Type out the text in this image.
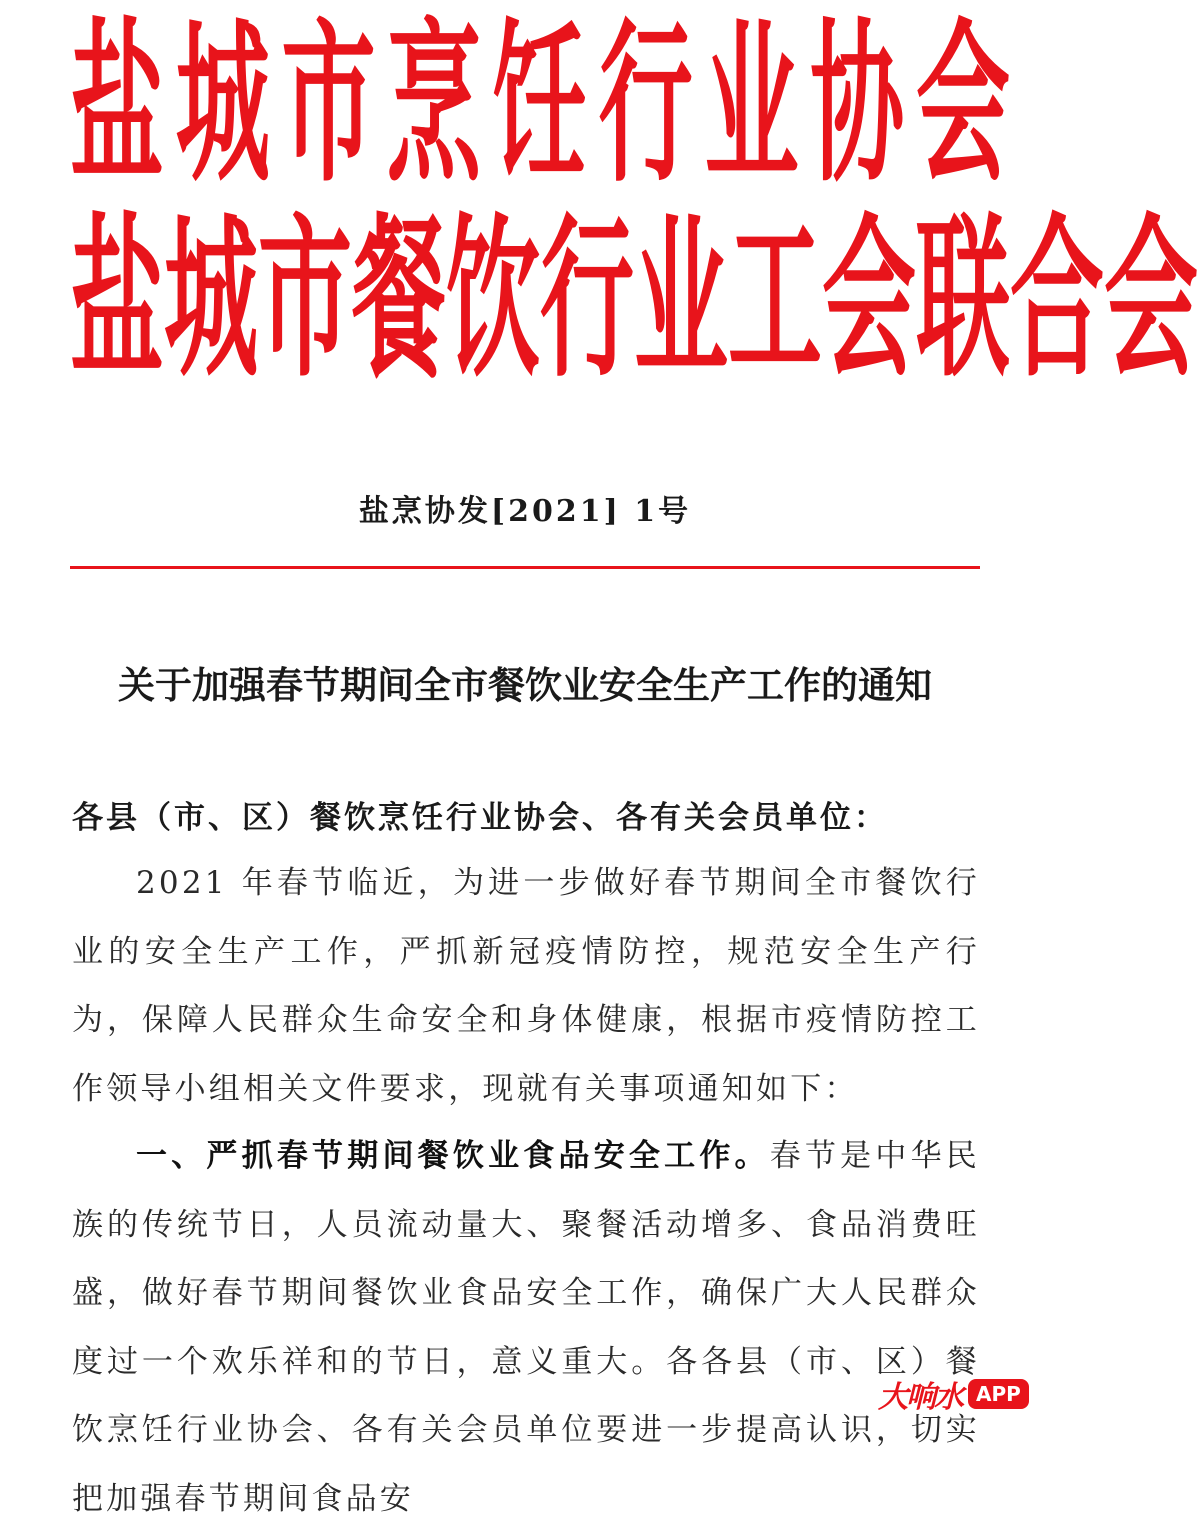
盐城市烹饪行业协会
盐城市餐饮行业工会联合会
盐烹协发[2021] 1号
关于加强春节期间全市餐饮业安全生产工作的通知
各县（市、区）餐饮烹饪行业协会、各有关会员单位：
2021 年春节临近，为进一步做好春节期间全市餐饮行业的安全生产工作，严抓新冠疫情防控，规范安全生产行为，保障人民群众生命安全和身体健康，根据市疫情防控工作领导小组相关文件要求，现就有关事项通知如下：
一、严抓春节期间餐饮业食品安全工作。春节是中华民族的传统节日，人员流动量大、聚餐活动增多、食品消费旺盛，做好春节期间餐饮业食品安全工作，确保广大人民群众度过一个欢乐祥和的节日，意义重大。各各县（市、区）餐饮烹饪行业协会、各有关会员单位要进一步提高认识，切实把加强春节期间食品安
大响水 APP
